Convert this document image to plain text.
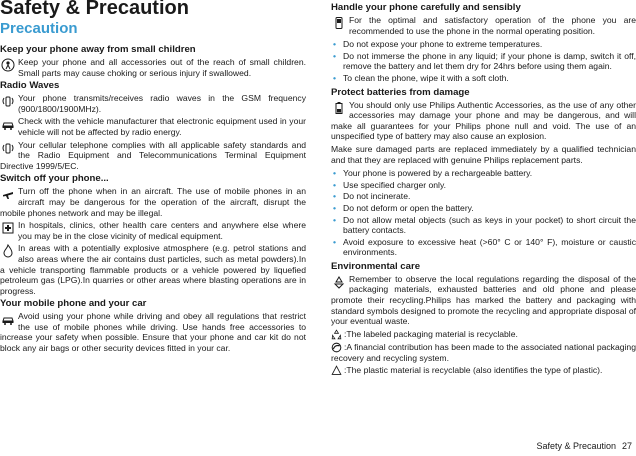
Safety & Precaution
Precaution
Keep your phone away from small children

Keep your phone and all accessories out of the reach of small children. Small parts may cause choking or serious injury if swallowed.

Radio Waves

Your phone transmits/receives radio waves in the GSM frequency (900/1800/1900MHz).

Check with the vehicle manufacturer that electronic equipment used in your vehicle will not be affected by radio energy.

Your cellular telephone complies with all applicable safety standards and the Radio Equipment and Telecommunications Terminal Equipment Directive 1999/5/EC.

Switch off your phone...

Turn off the phone when in an aircraft. The use of mobile phones in an aircraft may be dangerous for the operation of the aircraft, disrupt the mobile phones network and may be illegal.

In hospitals, clinics, other health care centers and anywhere else where you may be in the close vicinity of medical equipment.

In areas with a potentially explosive atmosphere (e.g. petrol stations and also areas where the air contains dust particles, such as metal powders).In a vehicle transporting flammable products or a vehicle powered by liquefied petroleum gas (LPG).In quarries or other areas where blasting operations are in progress.

Your mobile phone and your car

Avoid using your phone while driving and obey all regulations that restrict the use of mobile phones while driving. Use hands free accessories to increase your safety when possible. Ensure that your phone and car kit do not block any air bags or other security devices fitted in your car.

Handle your phone carefully and sensibly

For the optimal and satisfactory operation of the phone you are recommended to use the phone in the normal operating position.

• Do not expose your phone to extreme temperatures.
• Do not immerse the phone in any liquid; if your phone is damp, switch it off, remove the battery and let them dry for 24hrs before using them again.
• To clean the phone, wipe it with a soft cloth.
Protect batteries from damage

You should only use Philips Authentic Accessories, as the use of any other accessories may damage your phone and may be dangerous, and will make all guarantees for your Philips phone null and void. The use of an unspecified type of battery may also cause an explosion.

Make sure damaged parts are replaced immediately by a qualified technician and that they are replaced with genuine Philips replacement parts.

• Your phone is powered by a rechargeable battery.
• Use specified charger only.
• Do not incinerate.
• Do not deform or open the battery.
• Do not allow metal objects (such as keys in your pocket) to short circuit the battery contacts.
• Avoid exposure to excessive heat (>60° C or 140° F), moisture or caustic environments.
Environmental care

Remember to observe the local regulations regarding the disposal of the packaging materials, exhausted batteries and old phone and please promote their recycling.Philips has marked the battery and packaging with standard symbols designed to promote the recycling and appropriate disposal of your eventual waste.

:The labeled packaging material is recyclable.

:A financial contribution has been made to the associated national packaging recovery and recycling system.

:The plastic material is recyclable (also identifies the type of plastic).

Safety & Precaution 27
